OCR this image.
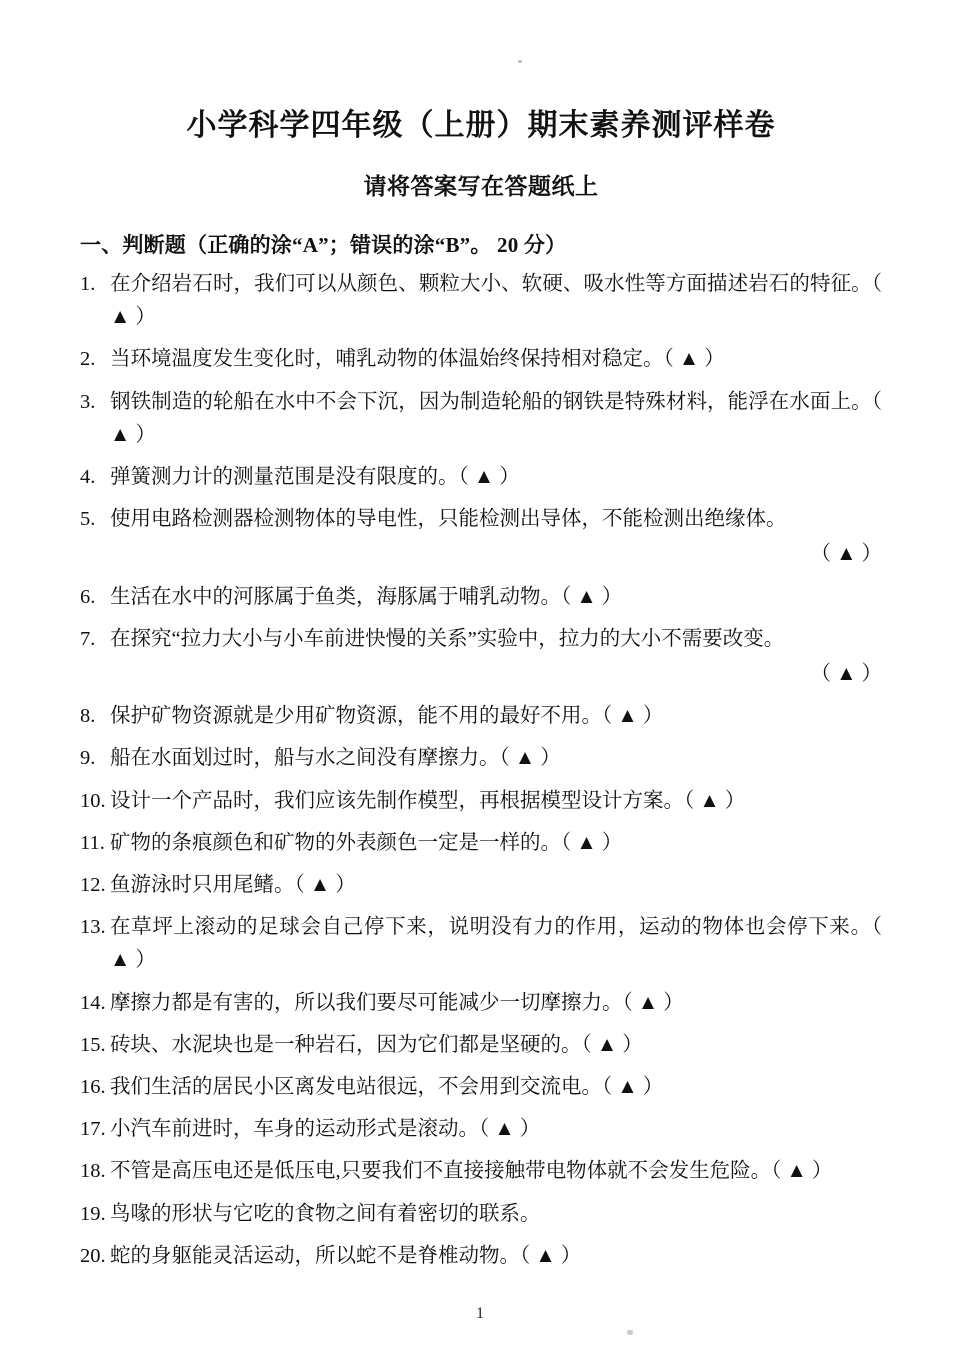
小学科学四年级（上册）期末素养测评样卷
请将答案写在答题纸上
一、判断题（正确的涂“A”；错误的涂“B”。 20 分）
1. 在介绍岩石时，我们可以从颜色、颗粒大小、软硬、吸水性等方面描述岩石的特征。（ ▲ ）
2. 当环境温度发生变化时，哺乳动物的体温始终保持相对稳定。（ ▲ ）
3. 钢铁制造的轮船在水中不会下沉，因为制造轮船的钢铁是特殊材料，能浮在水面上。（ ▲ ）
4. 弹簧测力计的测量范围是没有限度的。（ ▲ ）
5. 使用电路检测器检测物体的导电性，只能检测出导体，不能检测出绝缘体。
（ ▲ ）
6. 生活在水中的河豚属于鱼类，海豚属于哺乳动物。（ ▲ ）
7. 在探究“拉力大小与小车前进快慢的关系”实验中，拉力的大小不需要改变。
（ ▲ ）
8. 保护矿物资源就是少用矿物资源，能不用的最好不用。（ ▲ ）
9. 船在水面划过时，船与水之间没有摩擦力。（ ▲ ）
10. 设计一个产品时，我们应该先制作模型，再根据模型设计方案。（ ▲ ）
11. 矿物的条痕颜色和矿物的外表颜色一定是一样的。（ ▲ ）
12. 鱼游泳时只用尾鳍。（ ▲ ）
13. 在草坪上滚动的足球会自己停下来，说明没有力的作用，运动的物体也会停下来。（ ▲ ）
14. 摩擦力都是有害的，所以我们要尽可能减少一切摩擦力。（ ▲ ）
15. 砖块、水泥块也是一种岩石，因为它们都是坚硬的。（ ▲ ）
16. 我们生活的居民小区离发电站很远，不会用到交流电。（ ▲ ）
17. 小汽车前进时，车身的运动形式是滚动。（ ▲ ）
18. 不管是高压电还是低压电,只要我们不直接接触带电物体就不会发生危险。（ ▲ ）
19. 鸟喙的形状与它吃的食物之间有着密切的联系。
20. 蛇的身躯能灵活运动，所以蛇不是脊椎动物。（ ▲ ）
1
